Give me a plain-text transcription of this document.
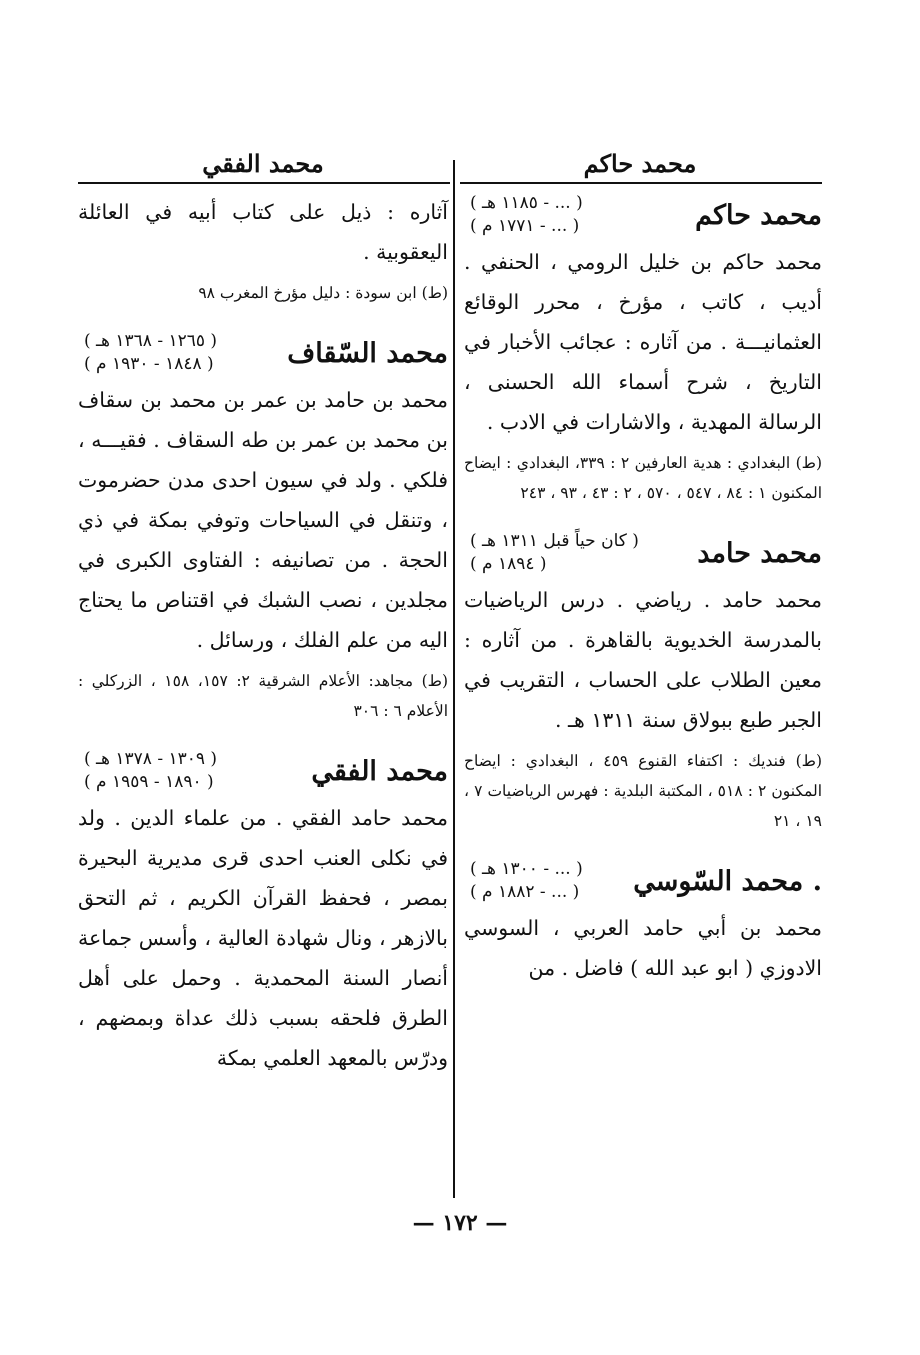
محمد حاكم
محمد الفقي
محمد حاكم
( ... - ١١٨٥ هـ )
( ... - ١٧٧١ م )

محمد حاكم بن خليل الرومي ، الحنفي . أديب ، كاتب ، مؤرخ ، محرر الوقائع العثمانيـــة . من آثاره : عجائب الأخبار في التاريخ ، شرح أسماء الله الحسنى ، الرسالة المهدية ، والاشارات في الادب .

(ط) البغدادي : هدية العارفين ٢ : ٣٣٩، البغدادي : ايضاح المكنون ١ : ٨٤ ، ٥٤٧ ، ٥٧٠ ، ٢ : ٤٣ ، ٩٣ ، ٢٤٣

محمد حامد
( كان حياً قبل ١٣١١ هـ )
( ١٨٩٤ م )

محمد حامد . رياضي . درس الرياضيات بالمدرسة الخديوية بالقاهرة . من آثاره : معين الطلاب على الحساب ، التقريب في الجبر طبع ببولاق سنة ١٣١١ هـ .

(ط) فنديك : اكتفاء القنوع ٤٥٩ ، البغدادي : ايضاح المكنون ٢ : ٥١٨ ، المكتبة البلدية : فهرس الرياضيات ٧ ، ١٩ ، ٢١

. محمد السّوسي
( ... - ١٣٠٠ هـ )
( ... - ١٨٨٢ م )

محمد بن أبي حامد العربي ، السوسي الادوزي ( ابو عبد الله ) فاضل . من

آثاره : ذيل على كتاب أبيه في العائلة اليعقوبية .

(ط) ابن سودة : دليل مؤرخ المغرب ٩٨

محمد السّقاف
( ١٢٦٥ - ١٣٦٨ هـ )
( ١٨٤٨ - ١٩٣٠ م )

محمد بن حامد بن عمر بن محمد بن سقاف بن محمد بن عمر بن طه السقاف . فقيـــه ، فلكي . ولد في سيون احدى مدن حضرموت ، وتنقل في السياحات وتوفي بمكة في ذي الحجة . من تصانيفه : الفتاوى الكبرى في مجلدين ، نصب الشبك في اقتناص ما يحتاج اليه من علم الفلك ، ورسائل .

(ط) مجاهد: الأعلام الشرقية ٢: ١٥٧، ١٥٨ ، الزركلي : الأعلام ٦ : ٣٠٦

محمد الفقي
( ١٣٠٩ - ١٣٧٨ هـ )
( ١٨٩٠ - ١٩٥٩ م )

محمد حامد الفقي . من علماء الدين . ولد في نكلى العنب احدى قرى مديرية البحيرة بمصر ، فحفظ القرآن الكريم ، ثم التحق بالازهر ، ونال شهادة العالية ، وأسس جماعة أنصار السنة المحمدية . وحمل على أهل الطرق فلحقه بسبب ذلك عداة وبمضهم ، ودرّس بالمعهد العلمي بمكة

— ١٧٢ —
